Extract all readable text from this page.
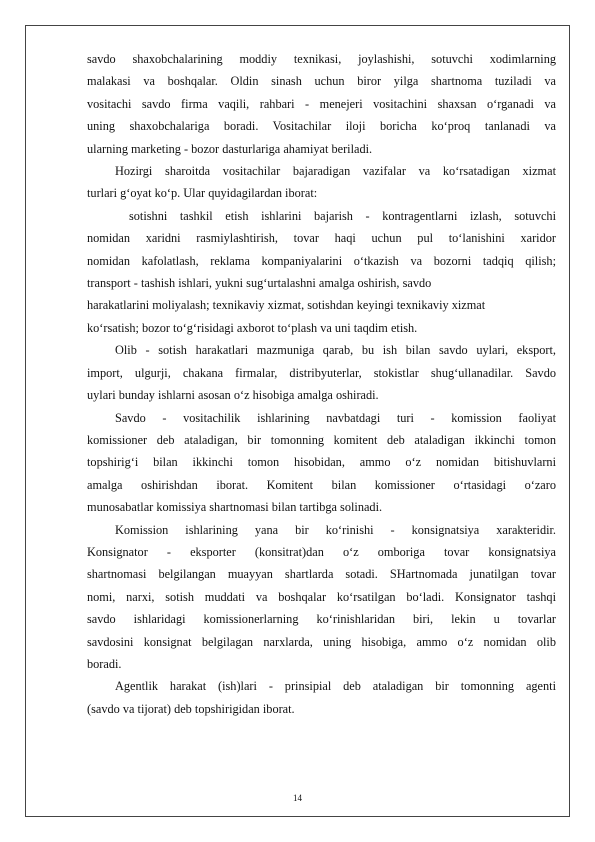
savdo shaxobchalarining moddiy texnikasi, joylashishi, sotuvchi xodimlarning

malakasi va boshqalar. Oldin sinash uchun biror yilga shartnoma tuziladi va

vositachi savdo firma vaqili, rahbari - menejeri vositachini shaxsan o‘rganadi va

uning shaxobchalariga boradi. Vositachilar iloji boricha ko‘proq tanlanadi va

ularning marketing - bozor dasturlariga ahamiyat beriladi.

Hozirgi sharoitda vositachilar bajaradigan vazifalar va ko‘rsatadigan xizmat

turlari g‘oyat ko‘p. Ular quyidagilardan iborat:

sotishni tashkil etish ishlarini bajarish - kontragentlarni izlash, sotuvchi

nomidan xaridni rasmiylashtirish, tovar haqi uchun pul to‘lanishini xaridor

nomidan kafolatlash, reklama kompaniyalarini o‘tkazish va bozorni tadqiq qilish;

transport - tashish ishlari, yukni sug‘urtalashni amalga oshirish, savdo

harakatlarini moliyalash; texnikaviy xizmat, sotishdan keyingi texnikaviy xizmat

ko‘rsatish; bozor to‘g‘risidagi axborot to‘plash va uni taqdim etish.

Olib - sotish harakatlari mazmuniga qarab, bu ish bilan savdo uylari, eksport,

import, ulgurji, chakana firmalar, distribyuterlar, stokistlar shug‘ullanadilar. Savdo

uylari bunday ishlarni asosan o‘z hisobiga amalga oshiradi.

Savdo - vositachilik ishlarining navbatdagi turi - komission faoliyat

komissioner deb ataladigan, bir tomonning komitent deb ataladigan ikkinchi tomon

topshirig‘i bilan ikkinchi tomon hisobidan, ammo o‘z nomidan bitishuvlarni

amalga oshirishdan iborat. Komitent bilan komissioner o‘rtasidagi o‘zaro

munosabatlar komissiya shartnomasi bilan tartibga solinadi.

Komission ishlarining yana bir ko‘rinishi - konsignatsiya xarakteridir.

Konsignator - eksporter (konsitrat)dan o‘z omboriga tovar konsignatsiya

shartnomasi belgilangan muayyan shartlarda sotadi. SHartnomada junatilgan tovar

nomi, narxi, sotish muddati va boshqalar ko‘rsatilgan bo‘ladi. Konsignator tashqi

savdo ishlaridagi komissionerlarning ko‘rinishlaridan biri, lekin u tovarlar

savdosini konsignat belgilagan narxlarda, uning hisobiga, ammo o‘z nomidan olib

boradi.

Agentlik harakat (ish)lari - prinsipial deb ataladigan bir tomonning agenti

(savdo va tijorat) deb topshirigidan iborat.

14
